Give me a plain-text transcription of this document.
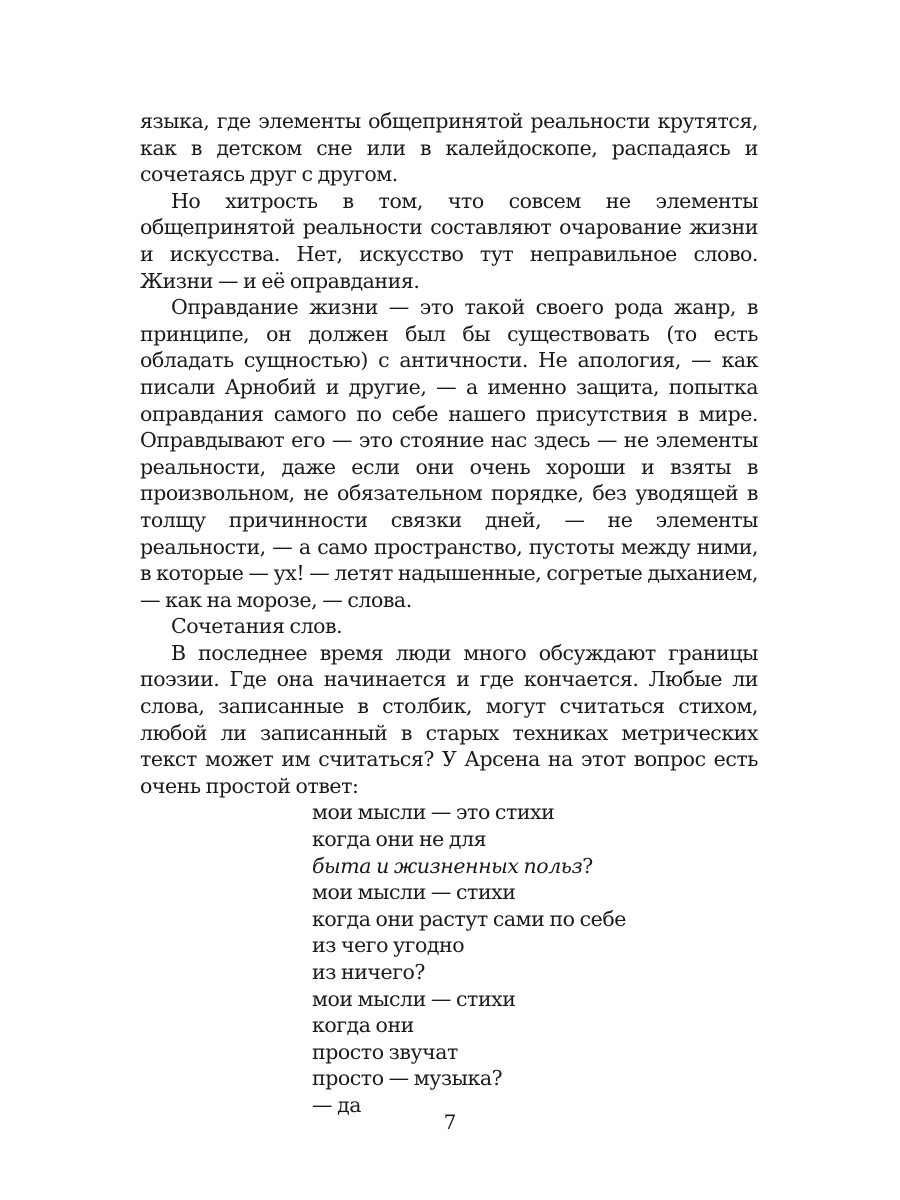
языка, где элементы общепринятой реальности крутятся, как в детском сне или в калейдоскопе, распадаясь и сочетаясь друг с другом.

Но хитрость в том, что совсем не элементы общепринятой реальности составляют очарование жизни и искусства. Нет, искусство тут неправильное слово. Жизни — и её оправдания.

Оправдание жизни — это такой своего рода жанр, в принципе, он должен был бы существовать (то есть обладать сущностью) с античности. Не апология, — как писали Арнобий и другие, — а именно защита, попытка оправдания самого по себе нашего присутствия в мире. Оправдывают его — это стояние нас здесь — не элементы реальности, даже если они очень хороши и взяты в произвольном, не обязательном порядке, без уводящей в толщу причинности связки дней, — не элементы реальности, — а само пространство, пустоты между ними, в которые — ух! — летят надышенные, согретые дыханием, — как на морозе, — слова.

Сочетания слов.

В последнее время люди много обсуждают границы поэзии. Где она начинается и где кончается. Любые ли слова, записанные в столбик, могут считаться стихом, любой ли записанный в старых техниках метрических текст может им считаться? У Арсена на этот вопрос есть очень простой ответ:

мои мысли — это стихи
когда они не для
быта и жизненных польз?
мои мысли — стихи
когда они растут сами по себе
из чего угодно
из ничего?
мои мысли — стихи
когда они
просто звучат
просто — музыка?
— да
7
